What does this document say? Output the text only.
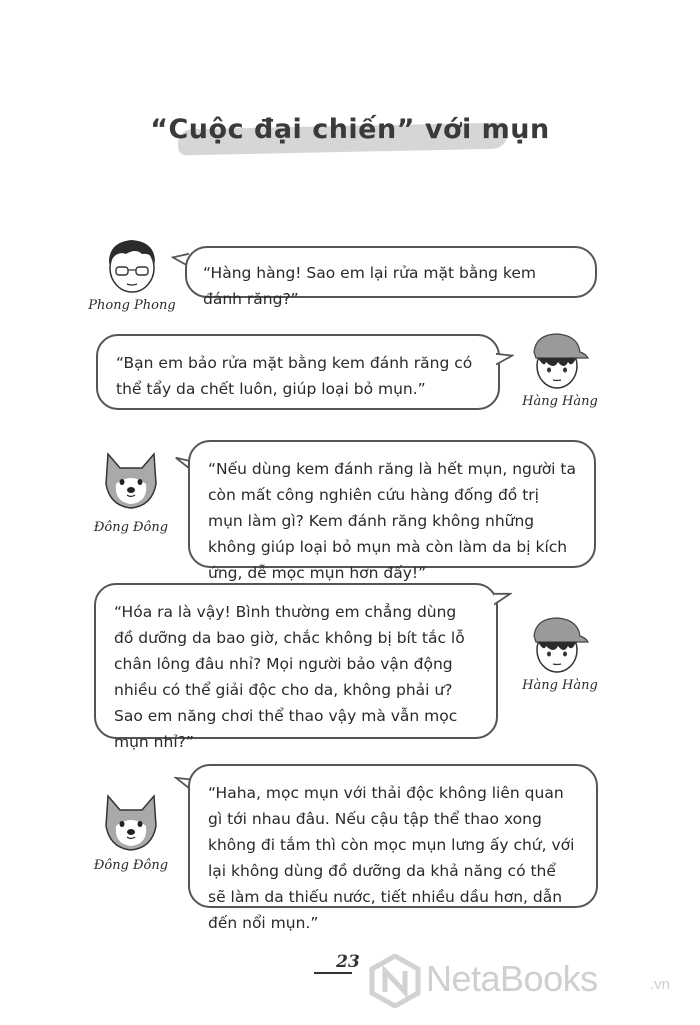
“Cuộc đại chiến” với mụn
Phong Phong
“Hàng hàng! Sao em lại rửa mặt bằng kem đánh răng?”
“Bạn em bảo rửa mặt bằng kem đánh răng có thể tẩy da chết luôn, giúp loại bỏ mụn.”
Hàng Hàng
Đông Đông
“Nếu dùng kem đánh răng là hết mụn, người ta còn mất công nghiên cứu hàng đống đồ trị mụn làm gì? Kem đánh răng không những không giúp loại bỏ mụn mà còn làm da bị kích ứng, dễ mọc mụn hơn đấy!”
“Hóa ra là vậy! Bình thường em chẳng dùng đồ dưỡng da bao giờ, chắc không bị bít tắc lỗ chân lông đâu nhỉ? Mọi người bảo vận động nhiều có thể giải độc cho da, không phải ư? Sao em năng chơi thể thao vậy mà vẫn mọc mụn nhỉ?”
Hàng Hàng
Đông Đông
“Haha, mọc mụn với thải độc không liên quan gì tới nhau đâu. Nếu cậu tập thể thao xong không đi tắm thì còn mọc mụn lưng ấy chứ, với lại không dùng đồ dưỡng da khả năng có thể sẽ làm da thiếu nước, tiết nhiều dầu hơn, dẫn đến nổi mụn.”
23	NetaBooks	.vn
